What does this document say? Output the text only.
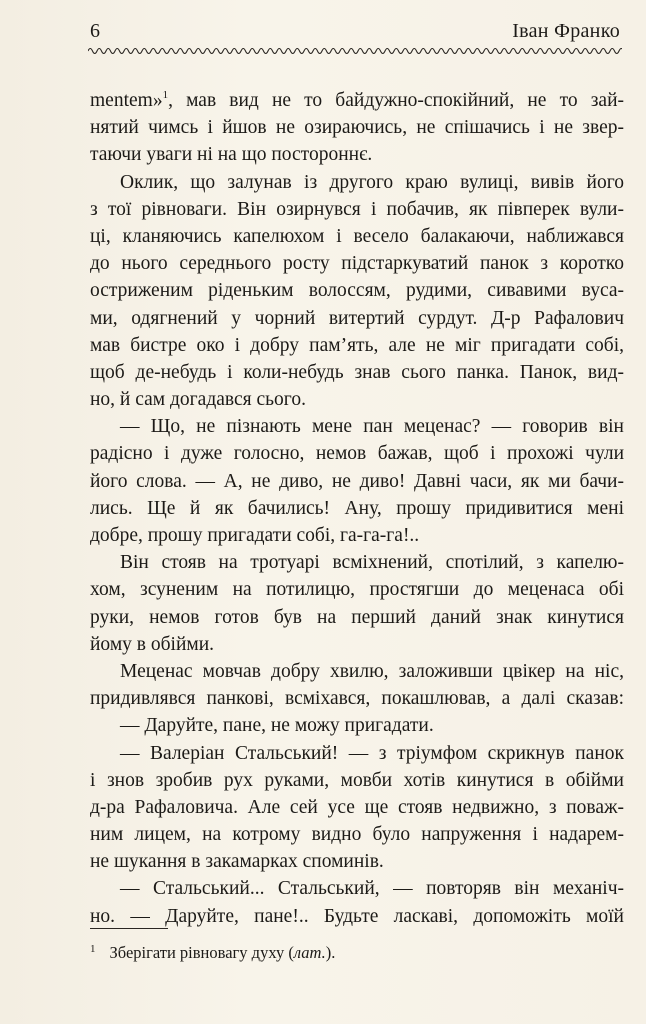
6	Іван Франко
mentem»$^1$, мав вид не то байдужно-спокійний, не то зай-
нятий чимсь і йшов не озираючись, не спішачись і не звер-
таючи уваги ні на що постороннє.
Оклик, що залунав із другого краю вулиці, вивів його
з тої рівноваги. Він озирнувся і побачив, як півперек вули-
ці, кланяючись капелюхом і весело балакаючи, наближався
до нього середнього росту підстаркуватий панок з коротко
остриженим ріденьким волоссям, рудими, сивавими вуса-
ми, одягнений у чорний витертий сурдут. Д-р Рафалович
мав бистре око і добру пам’ять, але не міг пригадати собі,
щоб де-небудь і коли-небудь знав сього панка. Панок, вид-
но, й сам догадався сього.
— Що, не пізнають мене пан меценас? — говорив він
радісно і дуже голосно, немов бажав, щоб і прохожі чули
його слова. — А, не диво, не диво! Давні часи, як ми бачи-
лись. Ще й як бачились! Ану, прошу придивитися мені
добре, прошу пригадати собі, га-га-га!..
Він стояв на тротуарі всміхнений, спотілий, з капелю-
хом, зсуненим на потилицю, простягши до меценаса обі
руки, немов готов був на перший даний знак кинутися
йому в обійми.
Меценас мовчав добру хвилю, заложивши цвікер на ніс,
придивлявся панкові, всміхався, покашлював, а далі сказав:
— Даруйте, пане, не можу пригадати.
— Валеріан Стальський! — з тріумфом скрикнув панок
і знов зробив рух руками, мовби хотів кинутися в обійми
д-ра Рафаловича. Але сей усе ще стояв недвижно, з поваж-
ним лицем, на котрому видно було напруження і надарем-
не шукання в закамарках споминів.
— Стальський... Стальський, — повторяв він механіч-
но. — Даруйте, пане!.. Будьте ласкаві, допоможіть моїй
$^1$ Зберігати рівновагу духу (лат.).
